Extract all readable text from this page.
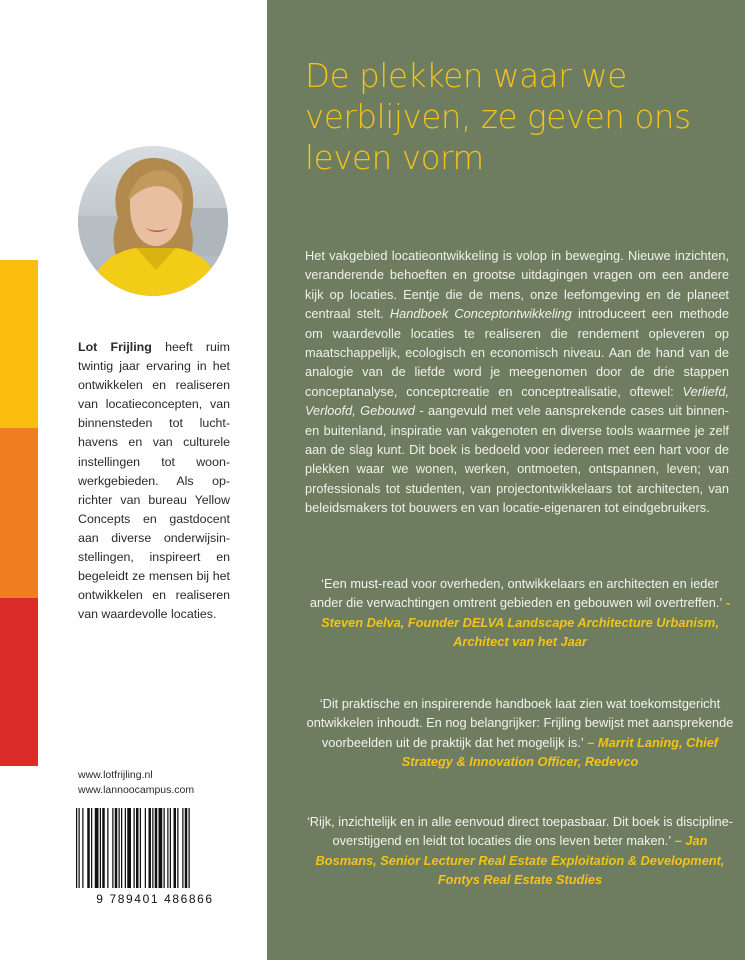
Lot Frijling heeft ruim twintig jaar ervaring in het ontwikkelen en realiseren van locatieconcepten, van binnensteden tot luchthavens en van culturele instellingen tot woonwerkgebieden. Als oprichter van bureau Yellow Concepts en gastdocent aan diverse onderwijsinstellingen, inspireert en begeleidt ze mensen bij het ontwikkelen en realiseren van waardevolle locaties.

www.lotfrijling.nl
www.lannoocampus.com
9 789401 486866
De plekken waar we verblijven, ze geven ons leven vorm

Het vakgebied locatieontwikkeling is volop in beweging. Nieuwe inzichten, veranderende behoeften en grootse uitdagingen vragen om een andere kijk op locaties. Eentje die de mens, onze leefomgeving en de planeet centraal stelt. Handboek Conceptontwikkeling introduceert een methode om waardevolle locaties te realiseren die rendement opleveren op maatschappelijk, ecologisch en economisch niveau. Aan de hand van de analogie van de liefde word je meegenomen door de drie stappen conceptanalyse, conceptcreatie en conceptrealisatie, oftewel: Verliefd, Verloofd, Gebouwd - aangevuld met vele aansprekende cases uit binnen-en buitenland, inspiratie van vakgenoten en diverse tools waarmee je zelf aan de slag kunt. Dit boek is bedoeld voor iedereen met een hart voor de plekken waar we wonen, werken, ontmoeten, ontspannen, leven; van professionals tot studenten, van projectontwikkelaars tot architecten, van beleidsmakers tot bouwers en van locatie-eigenaren tot eindgebruikers.

‘Een must-read voor overheden, ontwikkelaars en architecten en ieder ander die verwachtingen omtrent gebieden en gebouwen wil overtreffen.’ - Steven Delva, Founder DELVA Landscape Architecture Urbanism, Architect van het Jaar

‘Dit praktische en inspirerende handboek laat zien wat toekomstgericht ontwikkelen inhoudt. En nog belangrijker: Frijling bewijst met aansprekende voorbeelden uit de praktijk dat het mogelijk is.’ – Marrit Laning, Chief Strategy & Innovation Officer, Redevco

‘Rijk, inzichtelijk en in alle eenvoud direct toepasbaar. Dit boek is discipline-overstijgend en leidt tot locaties die ons leven beter maken.’ – Jan Bosmans, Senior Lecturer Real Estate Exploitation & Development, Fontys Real Estate Studies
